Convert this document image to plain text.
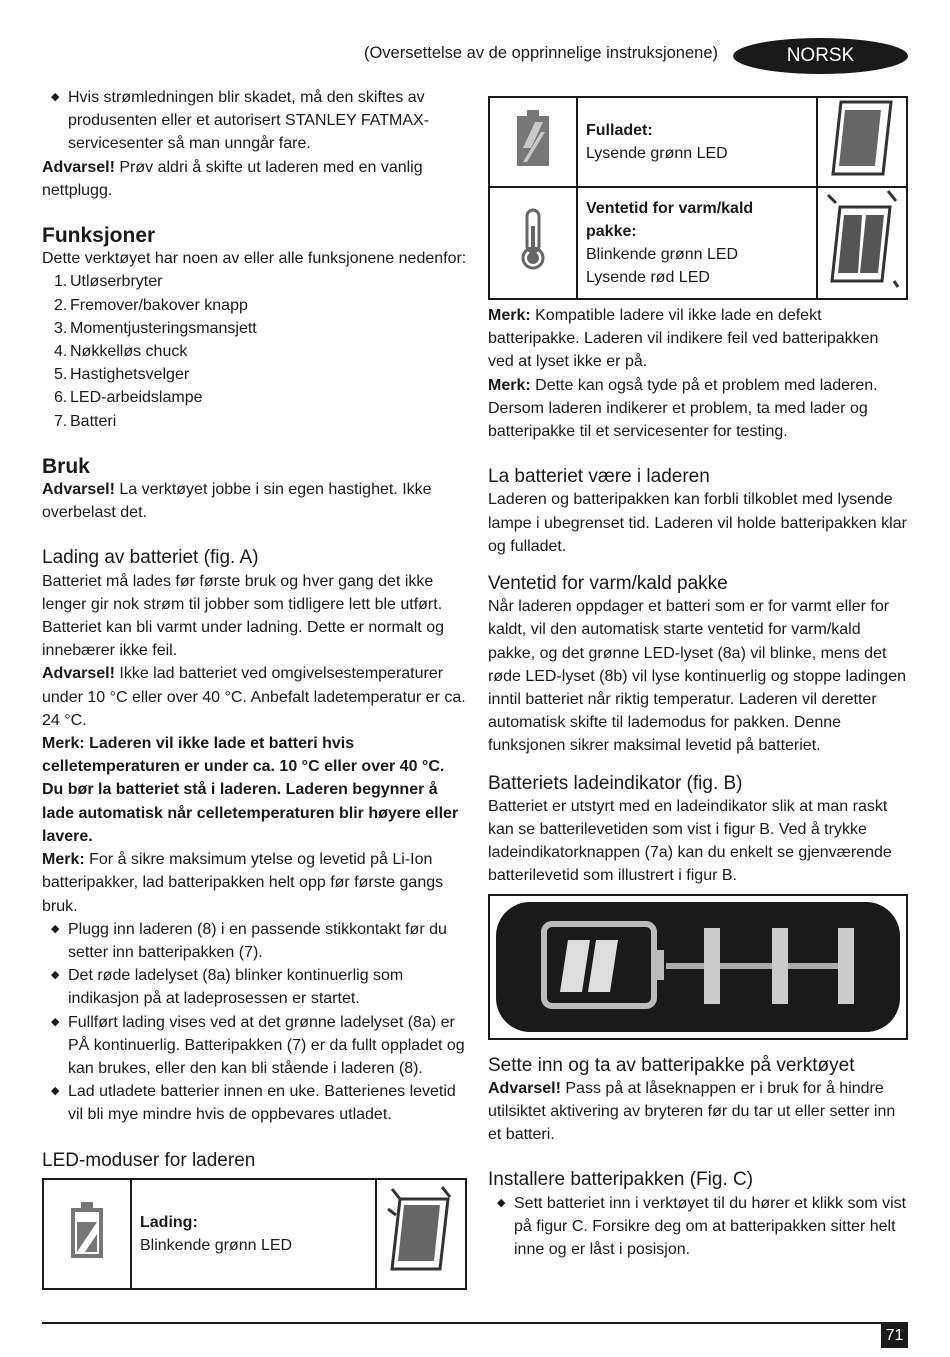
(Oversettelse av de opprinnelige instruksjonene)	NORSK
◆ Hvis strømledningen blir skadet, må den skiftes av produsenten eller et autorisert STANLEY FATMAX-servicesenter så man unngår fare.

Advarsel! Prøv aldri å skifte ut laderen med en vanlig nettplugg.

Funksjoner

Dette verktøyet har noen av eller alle funksjonene nedenfor:

1. Utløserbryter
2. Fremover/bakover knapp
3. Momentjusteringsmansjett
4. Nøkkelløs chuck
5. Hastighetsvelger
6. LED-arbeidslampe
7. Batteri
Bruk

Advarsel! La verktøyet jobbe i sin egen hastighet. Ikke overbelast det.

Lading av batteriet (fig. A)

Batteriet må lades før første bruk og hver gang det ikke lenger gir nok strøm til jobber som tidligere lett ble utført. Batteriet kan bli varmt under ladning. Dette er normalt og innebærer ikke feil.

Advarsel! Ikke lad batteriet ved omgivelsestemperaturer under 10 °C eller over 40 °C. Anbefalt ladetemperatur er ca. 24 °C.

Merk: Laderen vil ikke lade et batteri hvis celletemperaturen er under ca. 10 °C eller over 40 °C. Du bør la batteriet stå i laderen. Laderen begynner å lade automatisk når celletemperaturen blir høyere eller lavere.

Merk: For å sikre maksimum ytelse og levetid på Li-Ion batteripakker, lad batteripakken helt opp før første gangs bruk.

◆ Plugg inn laderen (8) i en passende stikkontakt før du setter inn batteripakken (7).
◆ Det røde ladelyset (8a) blinker kontinuerlig som indikasjon på at ladeprosessen er startet.
◆ Fullført lading vises ved at det grønne ladelyset (8a) er PÅ kontinuerlig. Batteripakken (7) er da fullt oppladet og kan brukes, eller den kan bli stående i laderen (8).
◆ Lad utladete batterier innen en uke. Batterienes levetid vil bli mye mindre hvis de oppbevares utladet.
LED-moduser for laderen
	Lading:
Blinkende grønn LED	
	Fulladet:
Lysende grønn LED	
	Ventetid for varm/kald pakke:
Blinkende grønn LED
Lysende rød LED	

Merk: Kompatible ladere vil ikke lade en defekt batteripakke. Laderen vil indikere feil ved batteripakken ved at lyset ikke er på.

Merk: Dette kan også tyde på et problem med laderen. Dersom laderen indikerer et problem, ta med lader og batteripakke til et servicesenter for testing.

La batteriet være i laderen

Laderen og batteripakken kan forbli tilkoblet med lysende lampe i ubegrenset tid. Laderen vil holde batteripakken klar og fulladet.

Ventetid for varm/kald pakke

Når laderen oppdager et batteri som er for varmt eller for kaldt, vil den automatisk starte ventetid for varm/kald pakke, og det grønne LED-lyset (8a) vil blinke, mens det røde LED-lyset (8b) vil lyse kontinuerlig og stoppe ladingen inntil batteriet når riktig temperatur. Laderen vil deretter automatisk skifte til lademodus for pakken. Denne funksjonen sikrer maksimal levetid på batteriet.

Batteriets ladeindikator (fig. B)

Batteriet er utstyrt med en ladeindikator slik at man raskt kan se batterilevetiden som vist i figur B. Ved å trykke ladeindikatorknappen (7a) kan du enkelt se gjenværende batterilevetid som illustrert i figur B.

Sette inn og ta av batteripakke på verktøyet

Advarsel! Pass på at låseknappen er i bruk for å hindre utilsiktet aktivering av bryteren før du tar ut eller setter inn et batteri.

Installere batteripakken (Fig. C)
◆ Sett batteriet inn i verktøyet til du hører et klikk som vist på figur C. Forsikre deg om at batteripakken sitter helt inne og er låst i posisjon.
71
